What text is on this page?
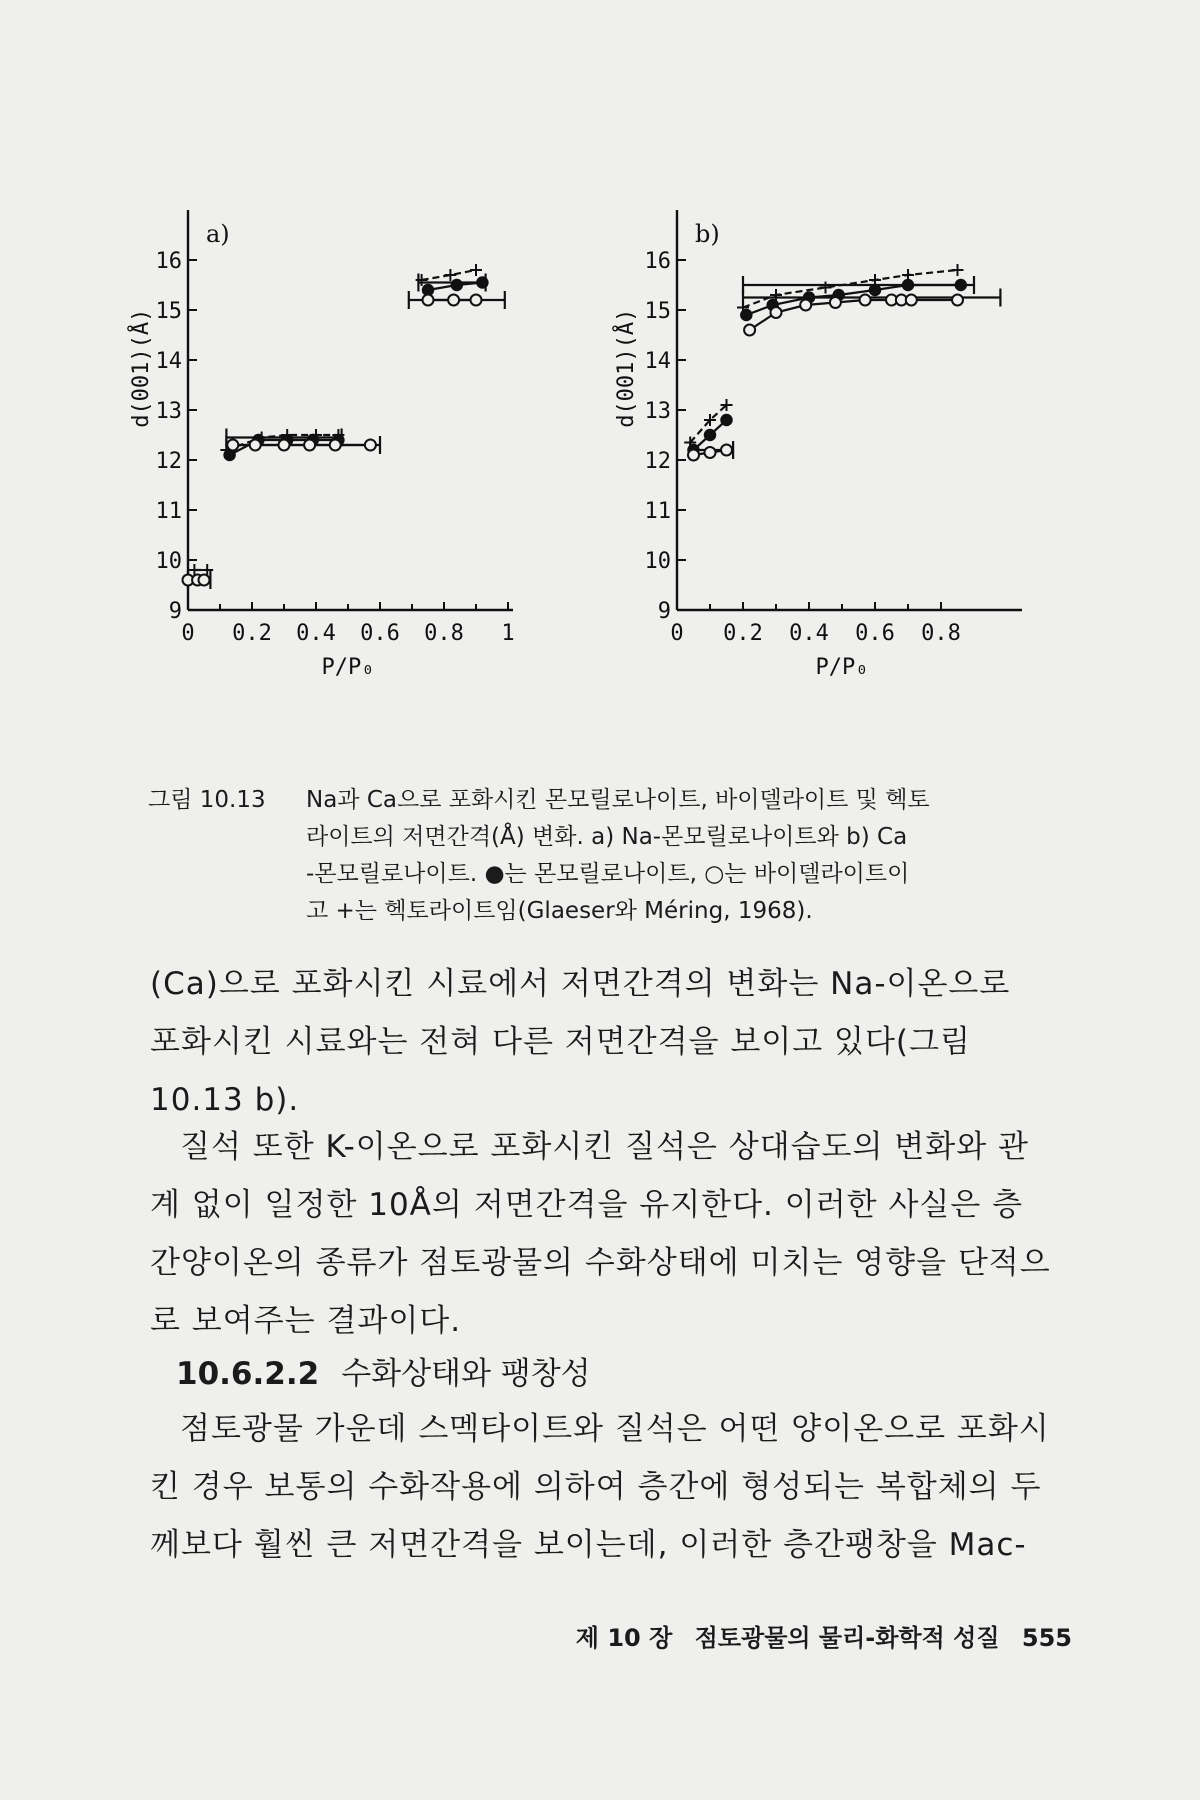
9
10
11
12
13
14
15
16
0 0.2 0.4 0.6 0.8 1
a)
d(001)(Å)
P/P₀
9
10
11
12
13
14
15
16
0 0.2 0.4 0.6 0.8
b)
d(001)(Å)
P/P₀
그림 10.13	Na과 Ca으로 포화시킨 몬모릴로나이트, 바이델라이트 및 헥토
라이트의 저면간격(Å) 변화. a) Na-몬모릴로나이트와 b) Ca
-몬모릴로나이트. ●는 몬모릴로나이트, ○는 바이델라이트이
고 +는 헥토라이트임(Glaeser와 Méring, 1968).
(Ca)으로 포화시킨 시료에서 저면간격의 변화는 Na-이온으로
포화시킨 시료와는 전혀 다른 저면간격을 보이고 있다(그림
10.13 b).
질석 또한 K-이온으로 포화시킨 질석은 상대습도의 변화와 관
계 없이 일정한 10Å의 저면간격을 유지한다. 이러한 사실은 층
간양이온의 종류가 점토광물의 수화상태에 미치는 영향을 단적으
로 보여주는 결과이다.
10.6.2.2 수화상태와 팽창성
점토광물 가운데 스멕타이트와 질석은 어떤 양이온으로 포화시
킨 경우 보통의 수화작용에 의하여 층간에 형성되는 복합체의 두
께보다 훨씬 큰 저면간격을 보이는데, 이러한 층간팽창을 Mac-
제 10 장 점토광물의 물리-화학적 성질 555
